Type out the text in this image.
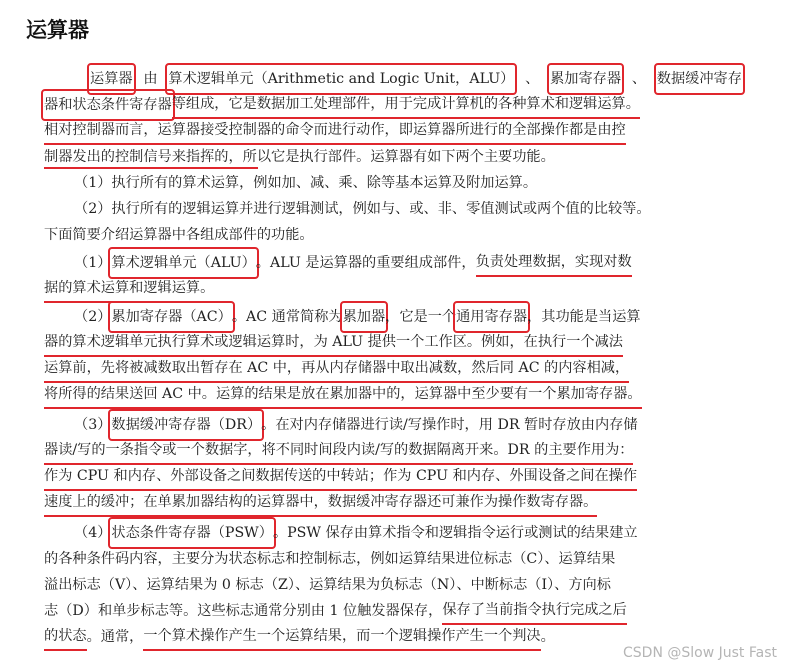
运算器
运算器 由 算术逻辑单元（Arithmetic and Logic Unit，ALU） 、 累加寄存器 、 数据缓冲寄存
器和状态条件寄存器 等组成，它是数据加工处理部件，用于完成计算机的各种算术和逻辑运算。
相对控制器而言，运算器接受控制器的命令而进行动作，即运算器所进行的全部操作都是由控
制器发出的控制信号来指挥的，所以它是执行部件。运算器有如下两个主要功能。
（1）执行所有的算术运算，例如加、减、乘、除等基本运算及附加运算。
（2）执行所有的逻辑运算并进行逻辑测试，例如与、或、非、零值测试或两个值的比较等。
下面简要介绍运算器中各组成部件的功能。
（1） 算术逻辑单元（ALU） 。ALU 是运算器的重要组成部件， 负责处理数据，实现对数
据的算术运算和逻辑运算。
（2） 累加寄存器（AC） 。AC 通常简称为 累加器 ，它是一个 通用寄存器 ，其功能是当运算
器的算术逻辑单元执行算术或逻辑运算时，为 ALU 提供一个工作区。例如，在执行一个减法
运算前，先将被减数取出暂存在 AC 中，再从内存储器中取出减数，然后同 AC 的内容相减，
将所得的结果送回 AC 中。运算的结果是放在累加器中的，运算器中至少要有一个累加寄存器。
（3） 数据缓冲寄存器（DR） 。在对内存储器进行读/写操作时，用 DR 暂时存放由内存储
器读/写的一条指令或一个数据字，将不同时间段内读/写的数据隔离开来。DR 的主要作用为：
作为 CPU 和内存、外部设备之间数据传送的中转站；作为 CPU 和内存、外围设备之间在操作
速度上的缓冲；在单累加器结构的运算器中，数据缓冲寄存器还可兼作为操作数寄存器。
（4） 状态条件寄存器（PSW） 。PSW 保存由算术指令和逻辑指令运行或测试的结果建立
的各种条件码内容，主要分为状态标志和控制标志，例如运算结果进位标志（C）、运算结果
溢出标志（V）、运算结果为 0 标志（Z）、运算结果为负标志（N）、中断标志（I）、方向标
志（D）和单步标志等。这些标志通常分别由 1 位触发器保存， 保存了当前指令执行完成之后
的状态 。通常， 一个算术操作产生一个运算结果，而一个逻辑操作产生一个判决 。
CSDN @Slow Just Fast
